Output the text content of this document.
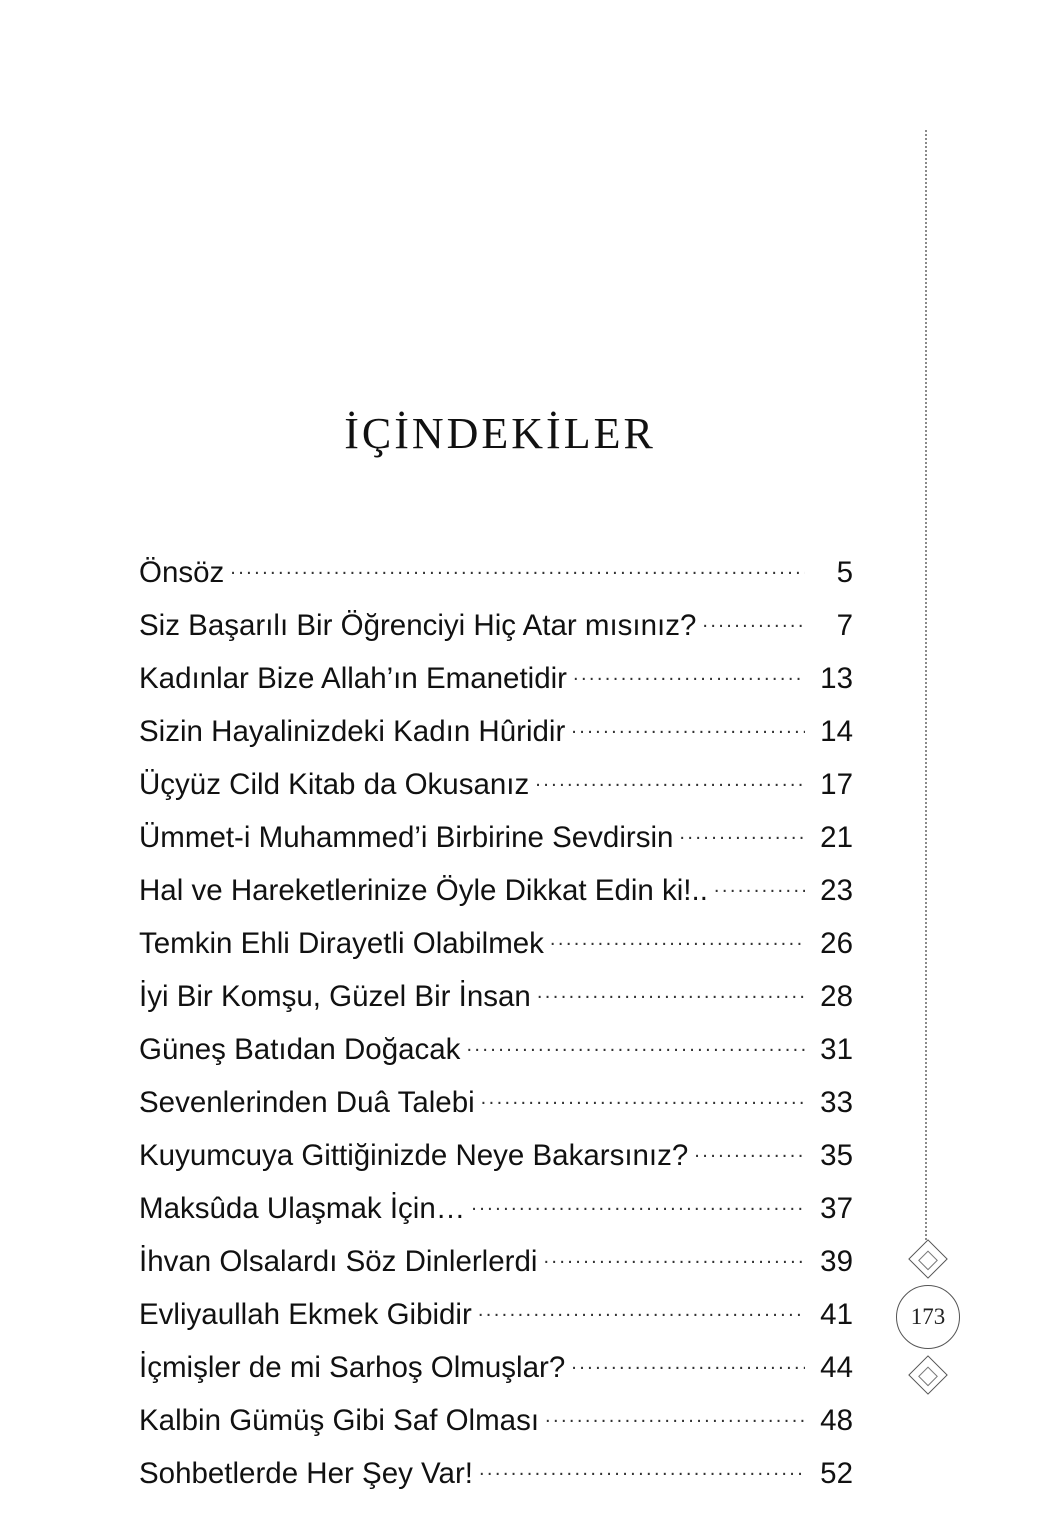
İÇİNDEKİLER
Önsöz .....	5
Siz Başarılı Bir Öğrenciyi Hiç Atar mısınız? .....	7
Kadınlar Bize Allah’ın Emanetidir .....	13
Sizin Hayalinizdeki Kadın Hûridir .....	14
Üçyüz Cild Kitab da Okusanız .....	17
Ümmet-i Muhammed’i Birbirine Sevdirsin .....	21
Hal ve Hareketlerinize Öyle Dikkat Edin ki!.. .....	23
Temkin Ehli Dirayetli Olabilmek .....	26
İyi Bir Komşu, Güzel Bir İnsan .....	28
Güneş Batıdan Doğacak .....	31
Sevenlerinden Duâ Talebi .....	33
Kuyumcuya Gittiğinizde Neye Bakarsınız? .....	35
Maksûda Ulaşmak İçin… .....	37
İhvan Olsalardı Söz Dinlerlerdi .....	39
Evliyaullah Ekmek Gibidir .....	41
İçmişler de mi Sarhoş Olmuşlar? .....	44
Kalbin Gümüş Gibi Saf Olması .....	48
Sohbetlerde Her Şey Var! .....	52
173
